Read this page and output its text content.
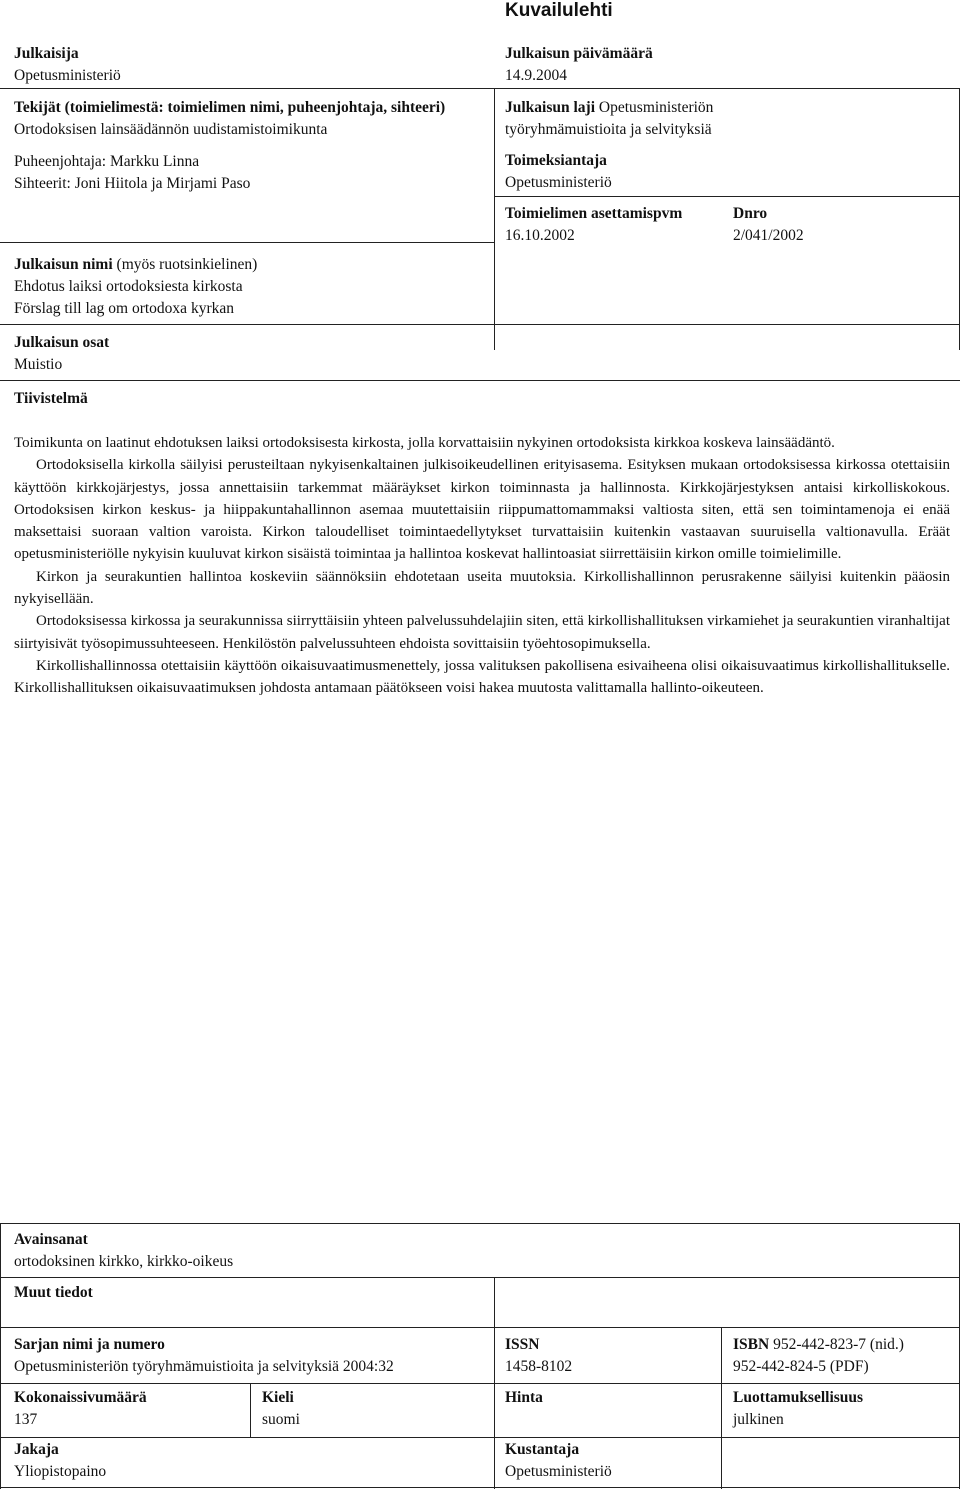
Kuvailulehti
Julkaisija
Opetusministeriö
Julkaisun päivämäärä
14.9.2004
Tekijät (toimielimestä: toimielimen nimi, puheenjohtaja, sihteeri)
Ortodoksisen lainsäädännön uudistamistoimikunta
Puheenjohtaja: Markku Linna
Sihteerit: Joni Hiitola ja Mirjami Paso
Julkaisun laji Opetusministeriön
työryhmämuistioita ja selvityksiä
Toimeksiantaja
Opetusministeriö
Toimielimen asettamispvm
16.10.2002
Dnro
2/041/2002
Julkaisun nimi (myös ruotsinkielinen)
Ehdotus laiksi ortodoksiesta kirkosta
Förslag till lag om ortodoxa kyrkan
Julkaisun osat
Muistio
Tiivistelmä

Toimikunta on laatinut ehdotuksen laiksi ortodoksisesta kirkosta, jolla korvattaisiin nykyinen ortodoksista kirkkoa koskeva lainsäädäntö.

Ortodoksisella kirkolla säilyisi perusteiltaan nykyisenkaltainen julkisoikeudellinen erityisasema. Esityksen mukaan ortodoksisessa kirkossa otettaisiin käyttöön kirkkojärjestys, jossa annettaisiin tarkemmat määräykset kirkon toiminnasta ja hallinnosta. Kirkkojärjestyksen antaisi kirkolliskokous. Ortodoksisen kirkon keskus- ja hiippakuntahallinnon asemaa muutettaisiin riippumattomammaksi valtiosta siten, että sen toimintamenoja ei enää maksettaisi suoraan valtion varoista. Kirkon taloudelliset toimintaedellytykset turvattaisiin kuitenkin vastaavan suuruisella valtionavulla. Eräät opetusministeriölle nykyisin kuuluvat kirkon sisäistä toimintaa ja hallintoa koskevat hallintoasiat siirrettäisiin kirkon omille toimielimille.

Kirkon ja seurakuntien hallintoa koskeviin säännöksiin ehdotetaan useita muutoksia. Kirkollishallinnon perusrakenne säilyisi kuitenkin pääosin nykyisellään.

Ortodoksisessa kirkossa ja seurakunnissa siirryttäisiin yhteen palvelussuhdelajiin siten, että kirkollishallituksen virkamiehet ja seurakuntien viranhaltijat siirtyisivät työsopimussuhteeseen. Henkilöstön palvelussuhteen ehdoista sovittaisiin työehtosopimuksella.

Kirkollishallinnossa otettaisiin käyttöön oikaisuvaatimusmenettely, jossa valituksen pakollisena esivaiheena olisi oikaisuvaatimus kirkollishallitukselle. Kirkollishallituksen oikaisuvaatimuksen johdosta antamaan päätökseen voisi hakea muutosta valittamalla hallinto-oikeuteen.

Avainsanat
ortodoksinen kirkko, kirkko-oikeus
Muut tiedot
Sarjan nimi ja numero
Opetusministeriön työryhmämuistioita ja selvityksiä 2004:32
ISSN
1458-8102
ISBN 952-442-823-7 (nid.)
952-442-824-5 (PDF)
Kokonaissivumäärä
137
Kieli
suomi
Hinta	Luottamuksellisuus
julkinen
Jakaja
Yliopistopaino
Kustantaja
Opetusministeriö
